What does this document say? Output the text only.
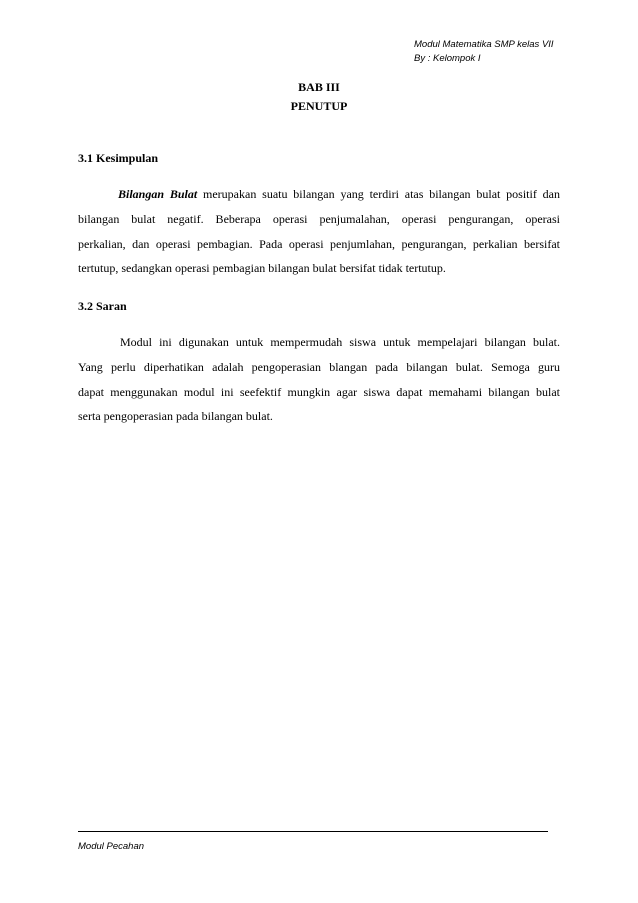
Modul Matematika SMP kelas VII
By : Kelompok I
BAB III
PENUTUP
3.1 Kesimpulan
Bilangan Bulat merupakan suatu bilangan yang terdiri atas bilangan bulat positif dan
bilangan bulat negatif. Beberapa operasi penjumalahan, operasi pengurangan, operasi
perkalian, dan operasi pembagian. Pada operasi penjumlahan, pengurangan, perkalian bersifat
tertutup, sedangkan operasi pembagian bilangan bulat bersifat tidak tertutup.
3.2 Saran
Modul ini digunakan untuk mempermudah siswa untuk mempelajari bilangan bulat.
Yang perlu diperhatikan adalah pengoperasian blangan pada bilangan bulat. Semoga guru
dapat menggunakan modul ini seefektif mungkin agar siswa dapat memahami bilangan bulat
serta pengoperasian pada bilangan bulat.
Modul Pecahan
